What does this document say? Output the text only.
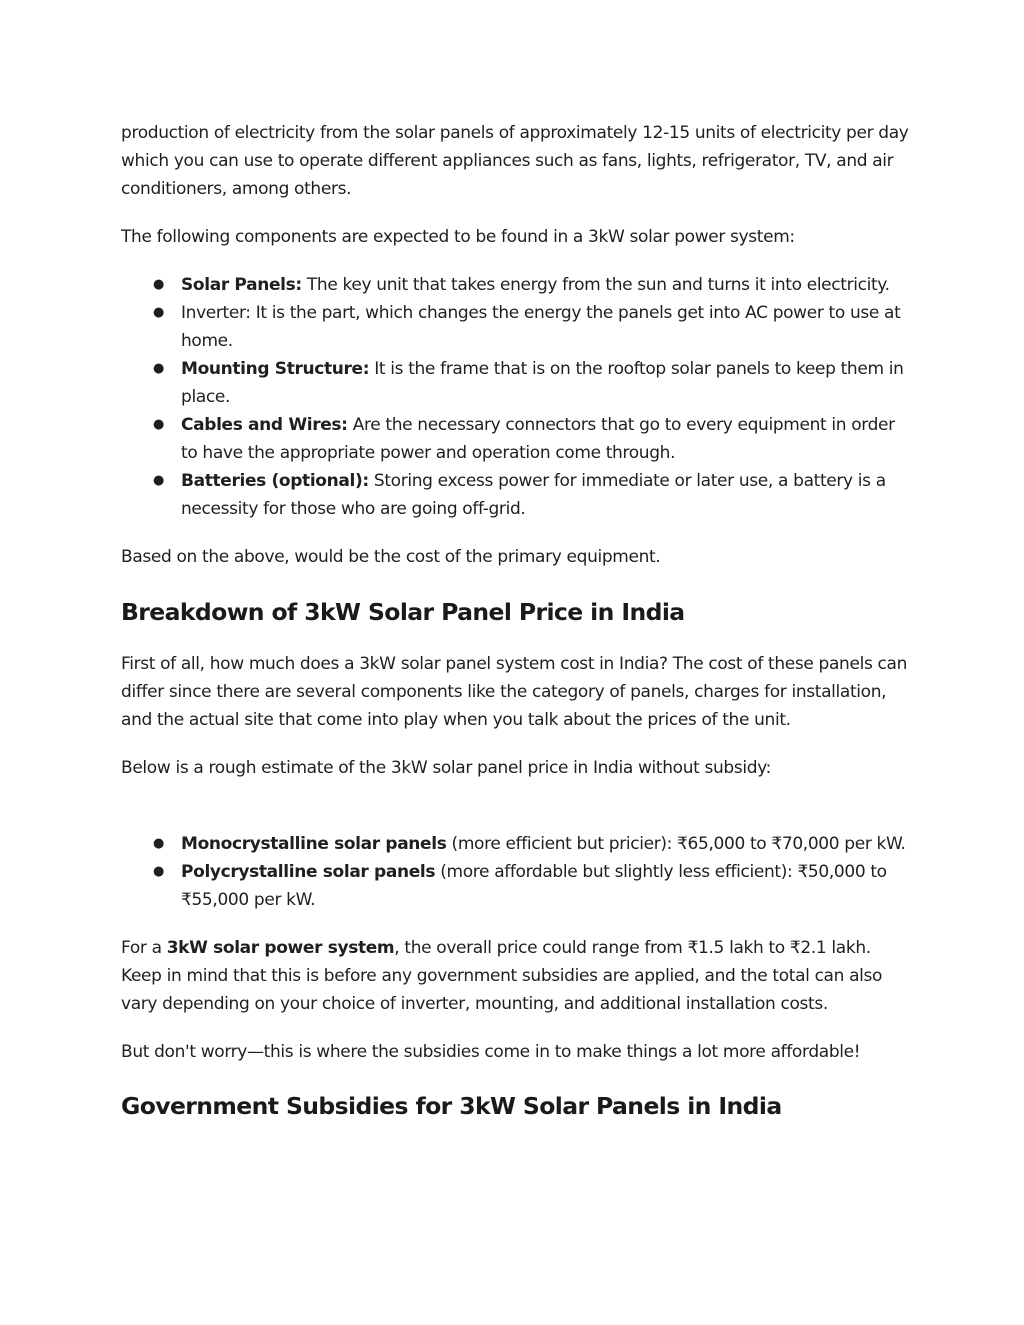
production of electricity from the solar panels of approximately 12-15 units of electricity per day which you can use to operate different appliances such as fans, lights, refrigerator, TV, and air conditioners, among others.

The following components are expected to be found in a 3kW solar power system:

● Solar Panels: The key unit that takes energy from the sun and turns it into electricity.
● Inverter: It is the part, which changes the energy the panels get into AC power to use at home.
● Mounting Structure: It is the frame that is on the rooftop solar panels to keep them in place.
● Cables and Wires: Are the necessary connectors that go to every equipment in order to have the appropriate power and operation come through.
● Batteries (optional): Storing excess power for immediate or later use, a battery is a necessity for those who are going off-grid.

Based on the above, would be the cost of the primary equipment.

Breakdown of 3kW Solar Panel Price in India

First of all, how much does a 3kW solar panel system cost in India? The cost of these panels can differ since there are several components like the category of panels, charges for installation, and the actual site that come into play when you talk about the prices of the unit.

Below is a rough estimate of the 3kW solar panel price in India without subsidy:

● Monocrystalline solar panels (more efficient but pricier): ₹65,000 to ₹70,000 per kW.
● Polycrystalline solar panels (more affordable but slightly less efficient): ₹50,000 to ₹55,000 per kW.

For a 3kW solar power system, the overall price could range from ₹1.5 lakh to ₹2.1 lakh. Keep in mind that this is before any government subsidies are applied, and the total can also vary depending on your choice of inverter, mounting, and additional installation costs.

But don't worry—this is where the subsidies come in to make things a lot more affordable!

Government Subsidies for 3kW Solar Panels in India
